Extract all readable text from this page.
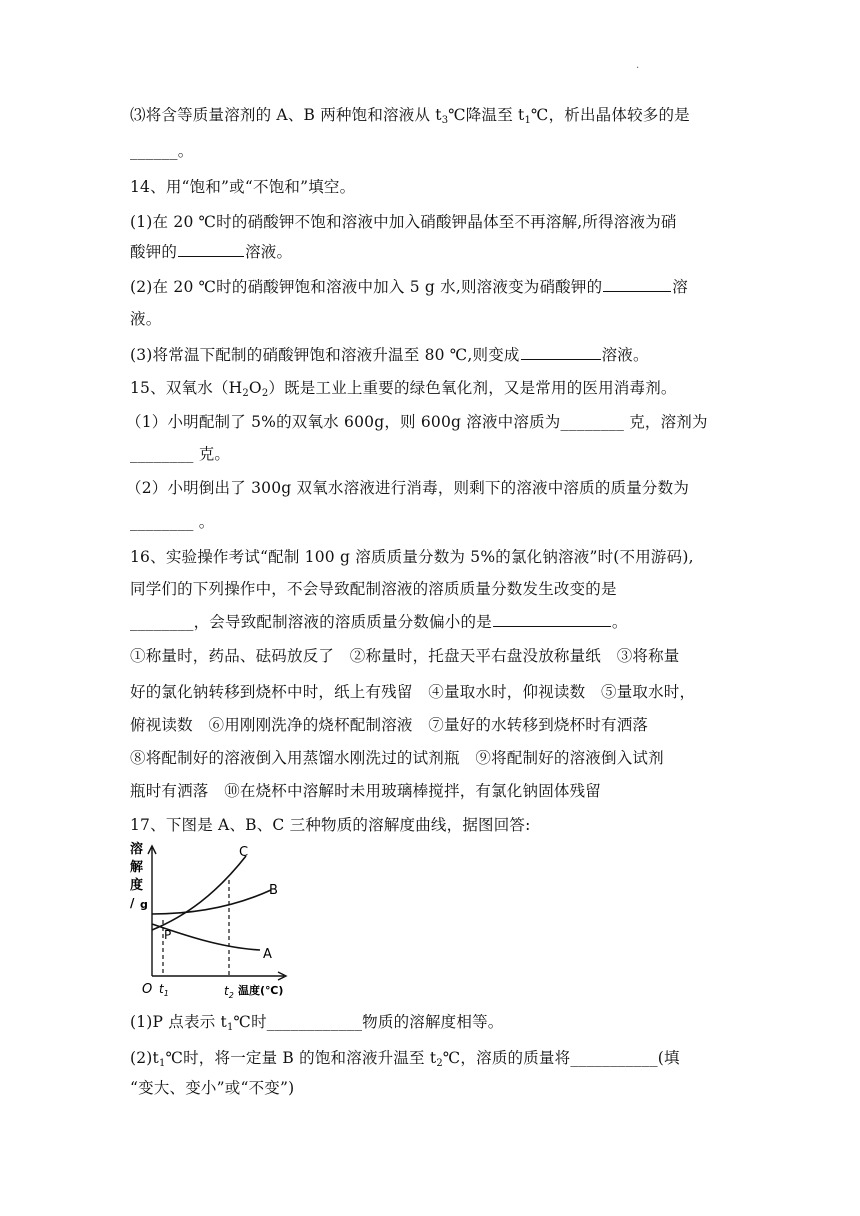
.
⑶将含等质量溶剂的 A、B 两种饱和溶液从 $t_3℃$降温至 $t_1℃$，析出晶体较多的是
______。
14、用“饱和”或“不饱和”填空。
(1)在 20 ℃时的硝酸钾不饱和溶液中加入硝酸钾晶体至不再溶解,所得溶液为硝
酸钾的	溶液。
(2)在 20 ℃时的硝酸钾饱和溶液中加入 5 g 水,则溶液变为硝酸钾的	溶
液。
(3)将常温下配制的硝酸钾饱和溶液升温至 80 ℃,则变成	溶液。
15、双氧水$(H_2O_2)$既是工业上重要的绿色氧化剂，又是常用的医用消毒剂。
（1）小明配制了 5%的双氧水 600g，则 600g 溶液中溶质为________ 克，溶剂为
________ 克。
（2）小明倒出了 300g 双氧水溶液进行消毒，则剩下的溶液中溶质的质量分数为
________ 。
16、实验操作考试“配制 100 g 溶质质量分数为 5%的氯化钠溶液”时(不用游码),
同学们的下列操作中，不会导致配制溶液的溶质质量分数发生改变的是
________，会导致配制溶液的溶质质量分数偏小的是	。
①称量时，药品、砝码放反了　②称量时，托盘天平右盘没放称量纸　③将称量
好的氯化钠转移到烧杯中时，纸上有残留　④量取水时，仰视读数　⑤量取水时，
俯视读数　⑥用刚刚洗净的烧杯配制溶液　⑦量好的水转移到烧杯时有洒落
⑧将配制好的溶液倒入用蒸馏水刚洗过的试剂瓶　⑨将配制好的溶液倒入试剂
瓶时有洒落　⑩在烧杯中溶解时未用玻璃棒搅拌，有氯化钠固体残留
17、下图是 A、B、C 三种物质的溶解度曲线，据图回答:
溶
解
度
/ g
C
B
A
P
O $t_1$	$t_2$ 温度(℃)
(1)P 点表示 $t_1℃$时____________物质的溶解度相等。
$(2)t_1℃$时，将一定量 B 的饱和溶液升温至 $t_2℃$，溶质的质量将___________(填
“变大、变小”或“不变”)
